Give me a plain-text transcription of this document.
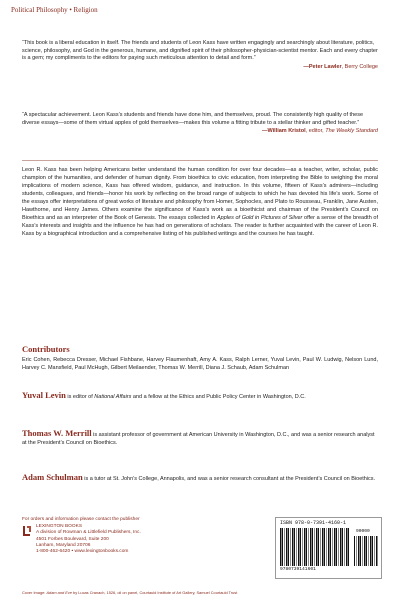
Political Philosophy • Religion

“This book is a liberal education in itself. The friends and students of Leon Kass have written engagingly and searchingly about literature, politics, science, philosophy, and God in the generous, humane, and dignified spirit of their philosopher-physician-scientist mentor. Each and every chapter is a gem; my compliments to the editors for paying such meticulous attention to detail and form.”

—Peter Lawler, Berry College

“A spectacular achievement. Leon Kass’s students and friends have done him, and themselves, proud. The consistently high quality of these diverse essays—some of them virtual apples of gold themselves—makes this volume a fitting tribute to a stellar thinker and gifted teacher.”

—William Kristol, editor, The Weekly Standard
Leon R. Kass has been helping Americans better understand the human condition for over four decades—as a teacher, writer, scholar, public champion of the humanities, and defender of human dignity. From bioethics to civic education, from interpreting the Bible to weighing the moral implications of modern science, Kass has offered wisdom, guidance, and instruction. In this volume, fifteen of Kass’s admirers—including students, colleagues, and friends—honor his work by reflecting on the broad range of subjects to which he has devoted his life’s work. Some of the essays offer interpretations of great works of literature and philosophy from Homer, Sophocles, and Plato to Rousseau, Franklin, Jane Austen, Hawthorne, and Henry James. Others examine the significance of Kass’s work as a bioethicist and chairman of the President’s Council on Bioethics and as an interpreter of the Book of Genesis. The essays collected in Apples of Gold in Pictures of Silver offer a sense of the breadth of Kass’s interests and insights and the influence he has had on generations of scholars. The reader is further acquainted with the career of Leon R. Kass by a biographical introduction and a comprehensive listing of his published writings and the courses he has taught.
Contributors
Eric Cohen, Rebecca Dresser, Michael Fishbane, Harvey Flaumenhaft, Amy A. Kass, Ralph Lerner, Yuval Levin, Paul W. Ludwig, Nelson Lund, Harvey C. Mansfield, Paul McHugh, Gilbert Meilaender, Thomas W. Merrill, Diana J. Schaub, Adam Schulman
Yuval Levin is editor of National Affairs and a fellow at the Ethics and Public Policy Center in Washington, D.C.
Thomas W. Merrill is assistant professor of government at American University in Washington, D.C., and was a senior research analyst at the President’s Council on Bioethics.
Adam Schulman is a tutor at St. John’s College, Annapolis, and was a senior research consultant at the President’s Council on Bioethics.
For orders and information please contact the publisher
LEXINGTON BOOKS
A division of Rowman & Littlefield Publishers, Inc.
4501 Forbes Boulevard, Suite 200
Lanham, Maryland 20706
1-800-462-6420 • www.lexingtonbooks.com
ISBN 978-0-7391-4160-1
90000
9780739141601
Cover Image: Adam and Eve by Lucas Cranach, 1526, oil on panel, Courtauld Institute of Art Gallery, Samuel Courtauld Trust
